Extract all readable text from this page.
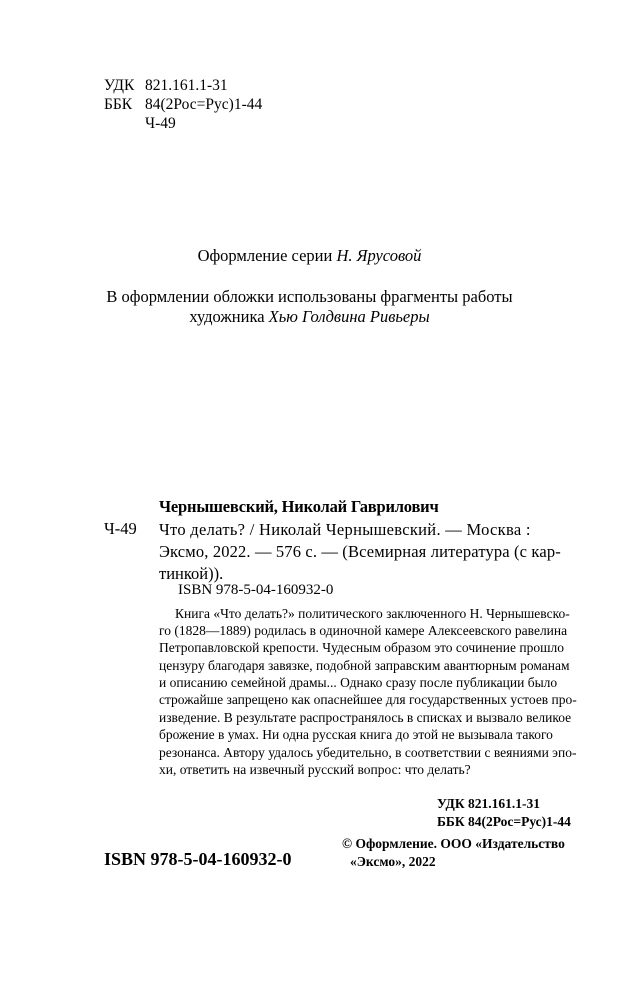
УДК 821.161.1-31
ББК 84(2Рос=Рус)1-44
Ч-49
Оформление серии Н. Ярусовой
В оформлении обложки использованы фрагменты работы
художника Хью Голдвина Ривьеры
Чернышевский, Николай Гаврилович
Ч-49 Что делать? / Николай Чернышевский. — Москва :
Эксмо, 2022. — 576 с. — (Всемирная литература (с кар-
тинкой)).
ISBN 978-5-04-160932-0
Книга «Что делать?» политического заключенного Н. Чернышевско-
го (1828—1889) родилась в одиночной камере Алексеевского равелина
Петропавловской крепости. Чудесным образом это сочинение прошло
цензуру благодаря завязке, подобной заправским авантюрным романам
и описанию семейной драмы... Однако сразу после публикации было
строжайше запрещено как опаснейшее для государственных устоев про-
изведение. В результате распространялось в списках и вызвало великое
брожение в умах. Ни одна русская книга до этой не вызывала такого
резонанса. Автору удалось убедительно, в соответствии с веяниями эпо-
хи, ответить на извечный русский вопрос: что делать?
УДК 821.161.1-31
ББК 84(2Рос=Рус)1-44
ISBN 978-5-04-160932-0
© Оформление. ООО «Издательство
«Эксмо», 2022
